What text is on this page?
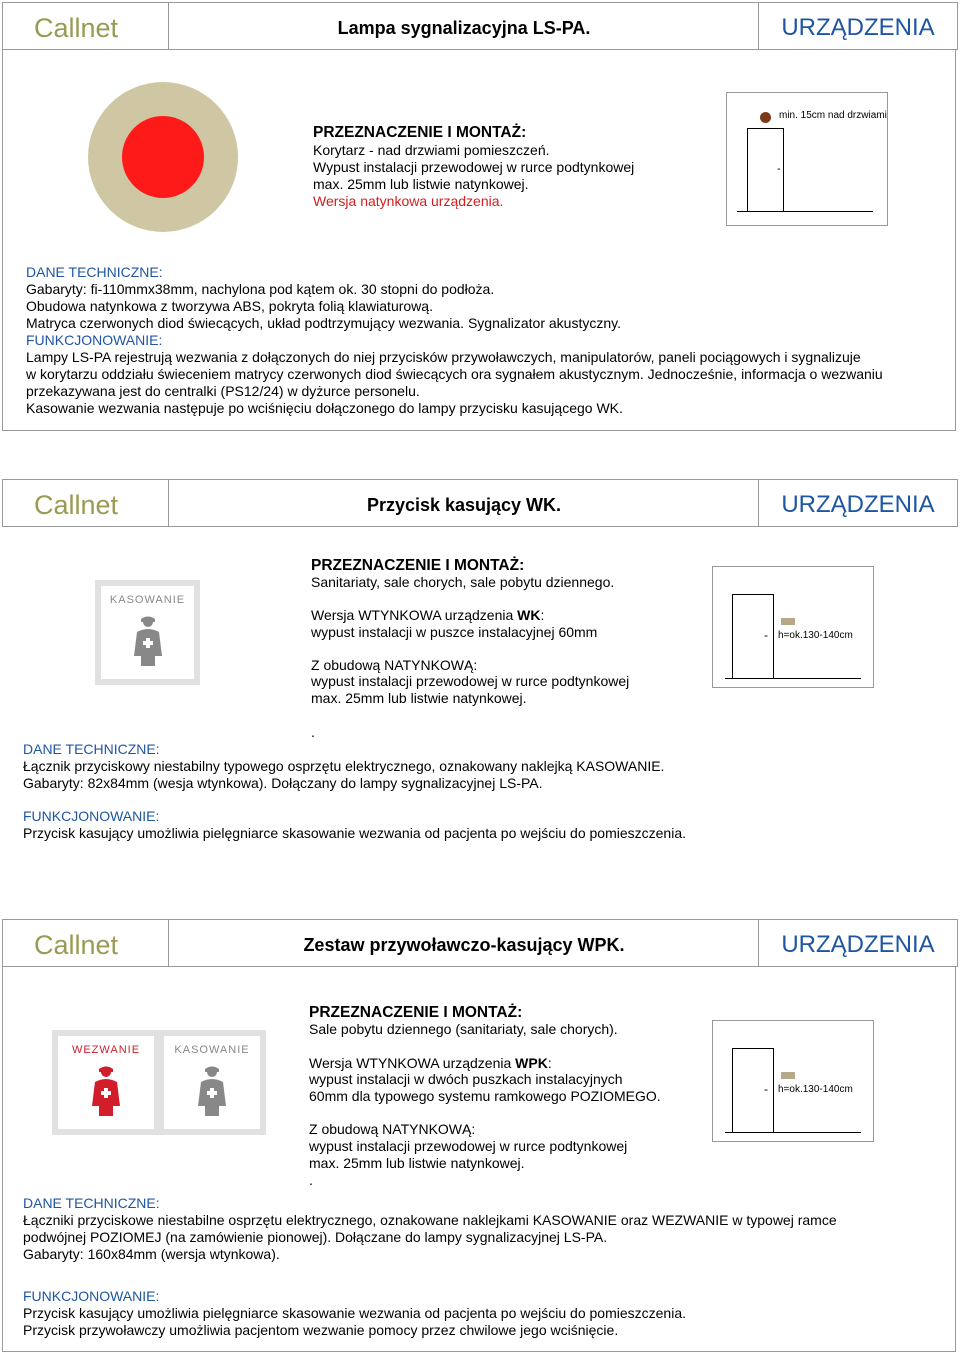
Callnet	Lampa sygnalizacyjna LS-PA.	URZĄDZENIA
PRZEZNACZENIE I MONTAŻ:
Korytarz - nad drzwiami pomieszczeń.
Wypust instalacji przewodowej w rurce podtynkowej
max. 25mm lub listwie natynkowej.
Wersja natynkowa urządzenia.
min. 15cm nad drzwiami
-
DANE TECHNICZNE:
Gabaryty: fi-110mmx38mm, nachylona pod kątem ok. 30 stopni do podłoża.
Obudowa natynkowa z tworzywa ABS, pokryta folią klawiaturową.
Matryca czerwonych diod świecących, układ podtrzymujący wezwania. Sygnalizator akustyczny.
FUNKCJONOWANIE:
Lampy LS-PA rejestrują wezwania z dołączonych do niej przycisków przywoławczych, manipulatorów, paneli pociągowych i sygnalizuje
w korytarzu oddziału świeceniem matrycy czerwonych diod świecących ora sygnałem akustycznym. Jednocześnie, informacja o wezwaniu
przekazywana jest do centralki (PS12/24) w dyżurce personelu.
Kasowanie wezwania następuje po wciśnięciu dołączonego do lampy przycisku kasującego WK.
Callnet	Przycisk kasujący WK.	URZĄDZENIA
KASOWANIE
PRZEZNACZENIE I MONTAŻ:
Sanitariaty, sale chorych, sale pobytu dziennego.
Wersja WTYNKOWA urządzenia WK:
wypust instalacji w puszce instalacyjnej 60mm
Z obudową NATYNKOWĄ:
wypust instalacji przewodowej w rurce podtynkowej
max. 25mm lub listwie natynkowej.
.
- h=ok.130-140cm
DANE TECHNICZNE:
Łącznik przyciskowy niestabilny typowego osprzętu elektrycznego, oznakowany naklejką KASOWANIE.
Gabaryty: 82x84mm (wesja wtynkowa). Dołączany do lampy sygnalizacyjnej LS-PA.
FUNKCJONOWANIE:
Przycisk kasujący umożliwia pielęgniarce skasowanie wezwania od pacjenta po wejściu do pomieszczenia.
Callnet	Zestaw przywoławczo-kasujący WPK.	URZĄDZENIA
WEZWANIE	KASOWANIE
PRZEZNACZENIE I MONTAŻ:
Sale pobytu dziennego (sanitariaty, sale chorych).
Wersja WTYNKOWA urządzenia WPK:
wypust instalacji w dwóch puszkach instalacyjnych
60mm dla typowego systemu ramkowego POZIOMEGO.
Z obudową NATYNKOWĄ:
wypust instalacji przewodowej w rurce podtynkowej
max. 25mm lub listwie natynkowej.
.
- h=ok.130-140cm
DANE TECHNICZNE:
Łączniki przyciskowe niestabilne osprzętu elektrycznego, oznakowane naklejkami KASOWANIE oraz WEZWANIE w typowej ramce
podwójnej POZIOMEJ (na zamówienie pionowej). Dołączane do lampy sygnalizacyjnej LS-PA.
Gabaryty: 160x84mm (wersja wtynkowa).
FUNKCJONOWANIE:
Przycisk kasujący umożliwia pielęgniarce skasowanie wezwania od pacjenta po wejściu do pomieszczenia.
Przycisk przywoławczy umożliwia pacjentom wezwanie pomocy przez chwilowe jego wciśnięcie.
